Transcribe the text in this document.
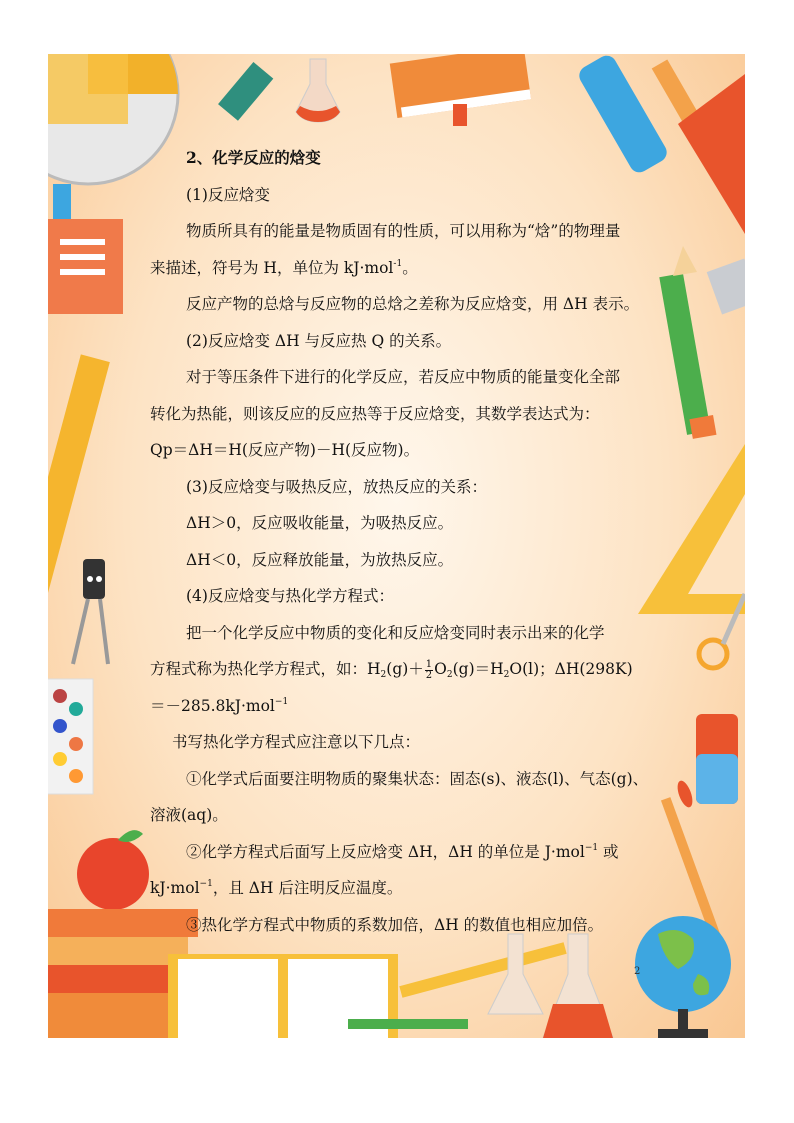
2、化学反应的焓变
(1)反应焓变
物质所具有的能量是物质固有的性质，可以用称为“焓”的物理量
来描述，符号为 H，单位为 kJ·mol$^{-1}$。
反应产物的总焓与反应物的总焓之差称为反应焓变，用 ΔH 表示。
(2)反应焓变 ΔH 与反应热 Q 的关系。
对于等压条件下进行的化学反应，若反应中物质的能量变化全部
转化为热能，则该反应的反应热等于反应焓变，其数学表达式为：
Qp＝ΔH＝H(反应产物)－H(反应物)。
(3)反应焓变与吸热反应，放热反应的关系：
ΔH＞0，反应吸收能量，为吸热反应。
ΔH＜0，反应释放能量，为放热反应。
(4)反应焓变与热化学方程式：
把一个化学反应中物质的变化和反应焓变同时表示出来的化学
方程式称为热化学方程式，如：$H_2(g)+ \frac{1}{2} O_2(g)=H_2O(l)$；ΔH(298K)
＝－285.8kJ·mol$^{-1}$
书写热化学方程式应注意以下几点：
①化学式后面要注明物质的聚集状态：固态(s)、液态(l)、气态(g)、
溶液(aq)。
②化学方程式后面写上反应焓变 ΔH，ΔH 的单位是 J·mol$^{-1}$ 或
kJ·mol$^{-1}$，且 ΔH 后注明反应温度。
③热化学方程式中物质的系数加倍，ΔH 的数值也相应加倍。
2
